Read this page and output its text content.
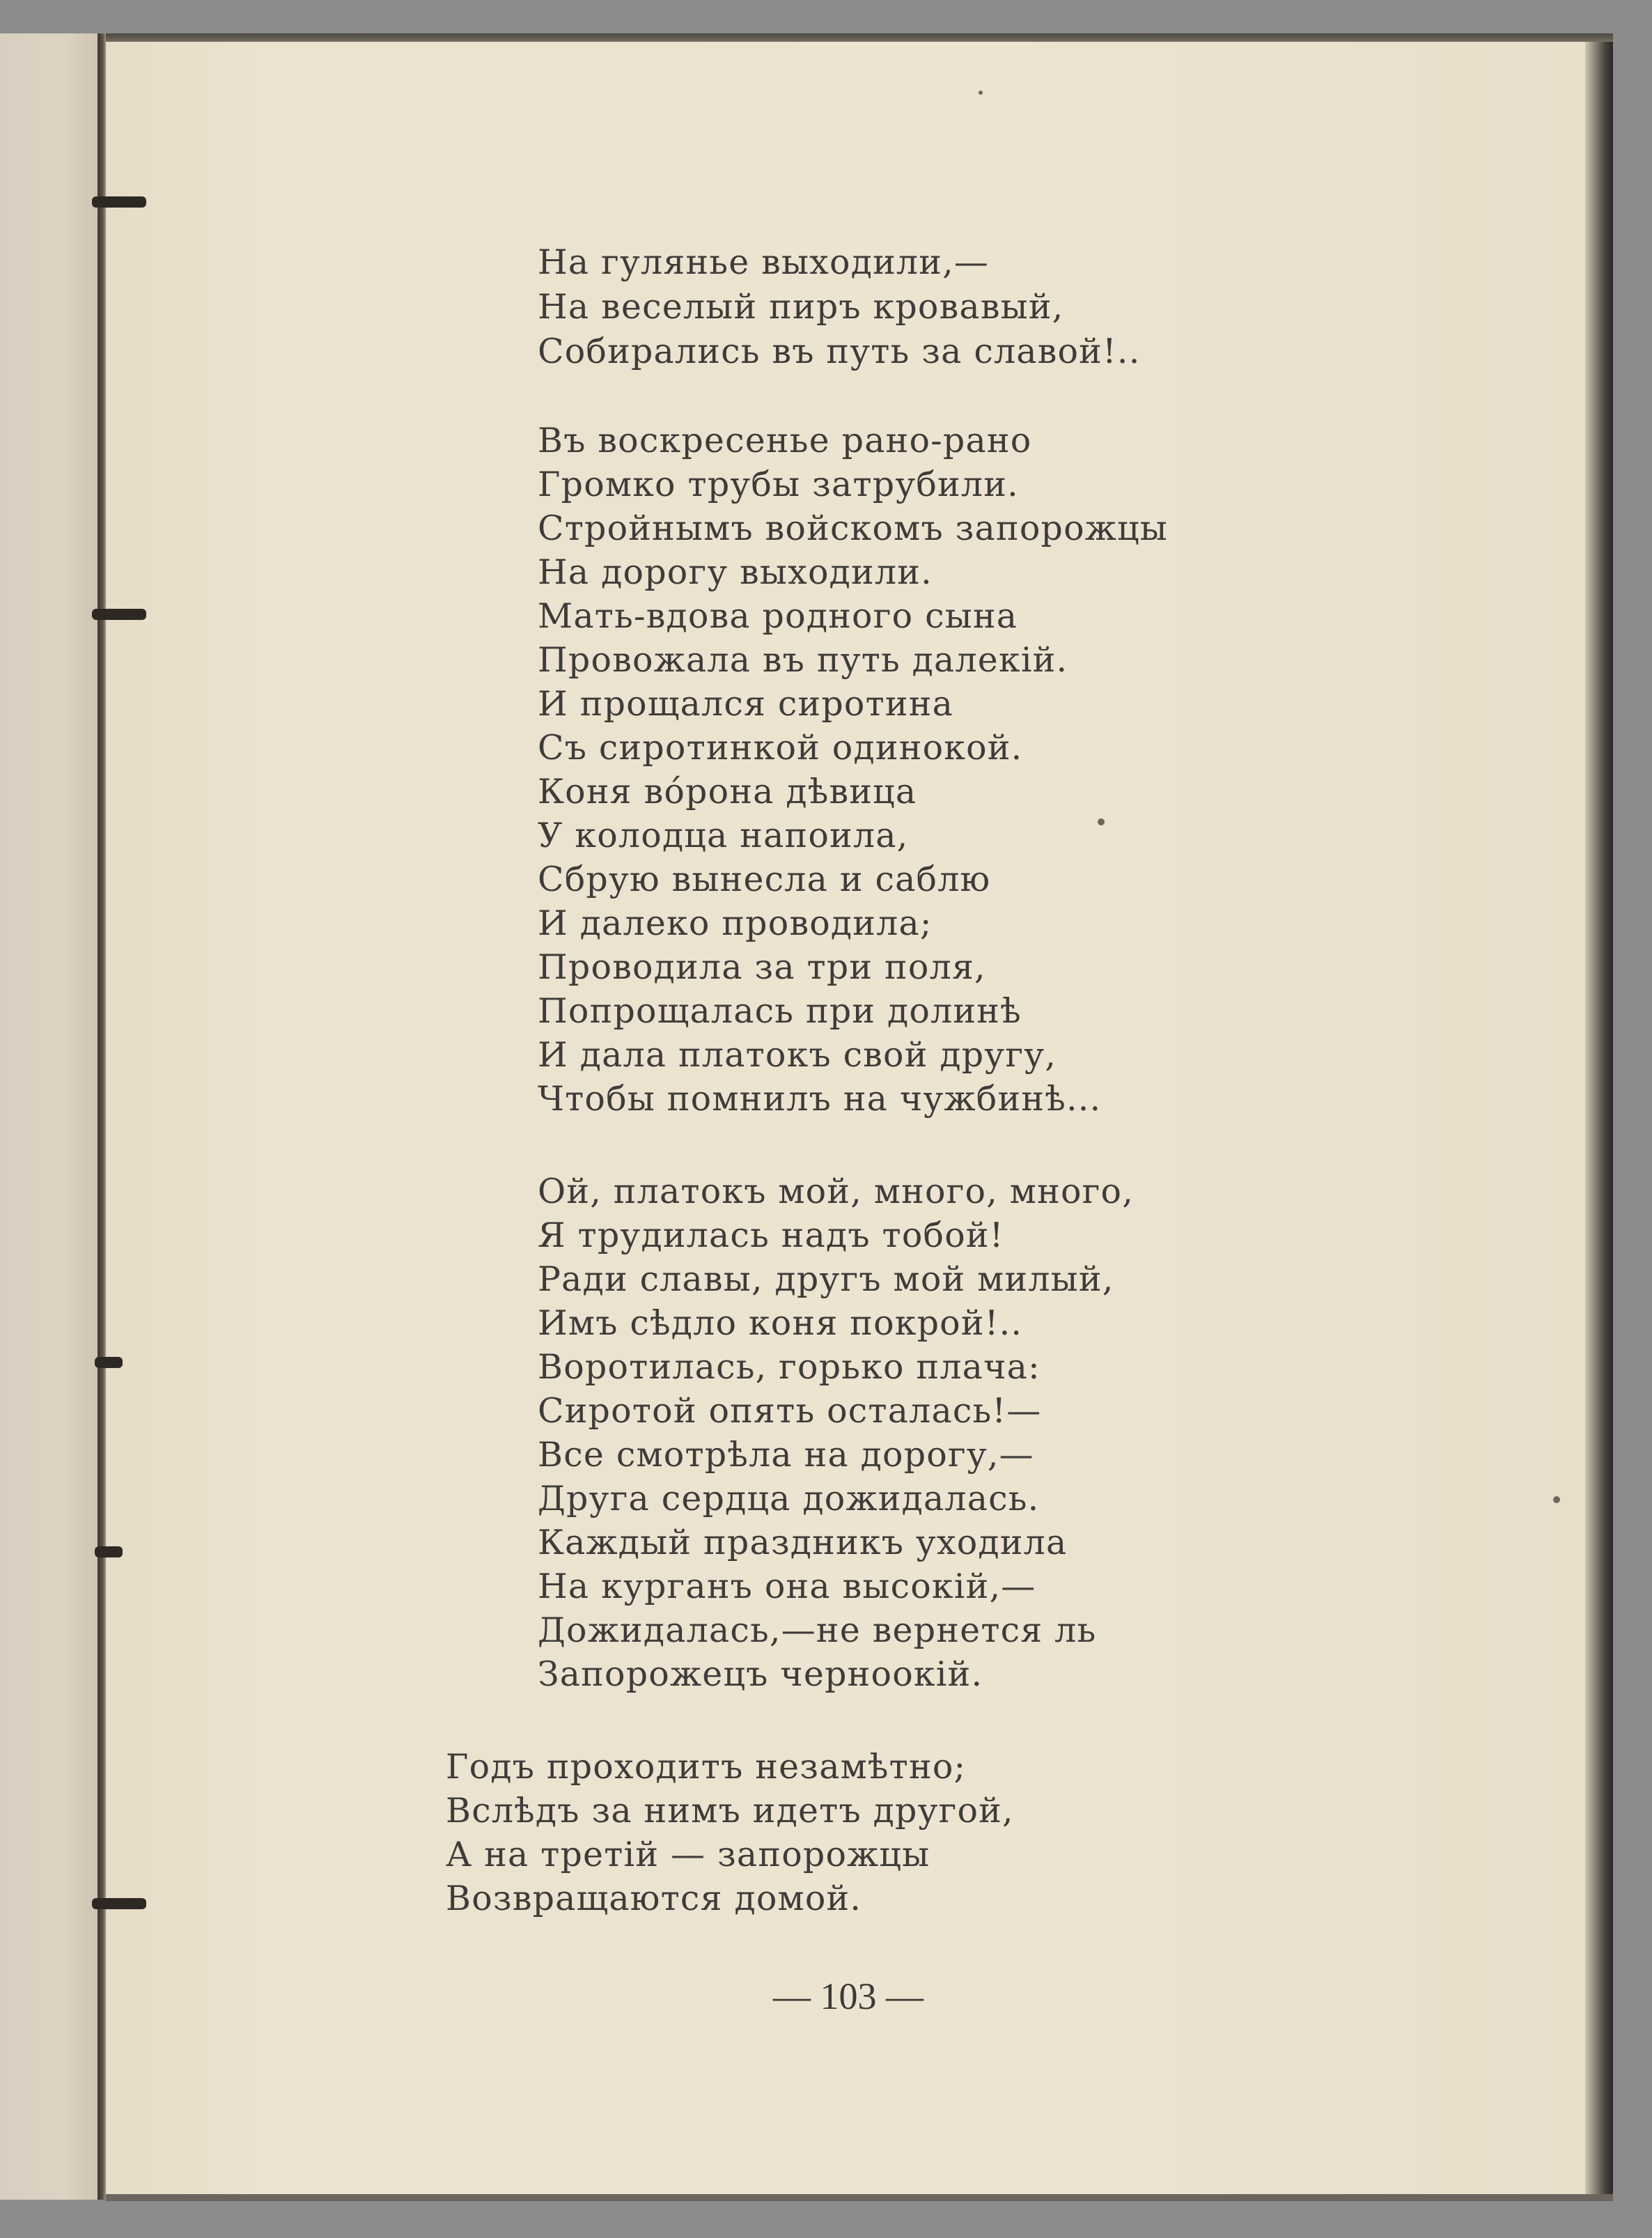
На гулянье выходили,—
На веселый пиръ кровавый,
Собирались въ путь за славой!..
Въ воскресенье рано-рано
Громко трубы затрубили.
Стройнымъ войскомъ запорожцы
На дорогу выходили.
Мать-вдова родного сына
Провожала въ путь далекій.
И прощался сиротина
Съ сиротинкой одинокой.
Коня вóрона дѣвица
У колодца напоила,
Сбрую вынесла и саблю
И далеко проводила;
Проводила за три поля,
Попрощалась при долинѣ
И дала платокъ свой другу,
Чтобы помнилъ на чужбинѣ...
Ой, платокъ мой, много, много,
Я трудилась надъ тобой!
Ради славы, другъ мой милый,
Имъ сѣдло коня покрой!..
Воротилась, горько плача:
Сиротой опять осталась!—
Все смотрѣла на дорогу,—
Друга сердца дожидалась.
Каждый праздникъ уходила
На курганъ она высокій,—
Дожидалась,—не вернется ль
Запорожецъ черноокій.
Годъ проходитъ незамѣтно;
Вслѣдъ за нимъ идетъ другой,
А на третій — запорожцы
Возвращаются домой.
— 103 —
